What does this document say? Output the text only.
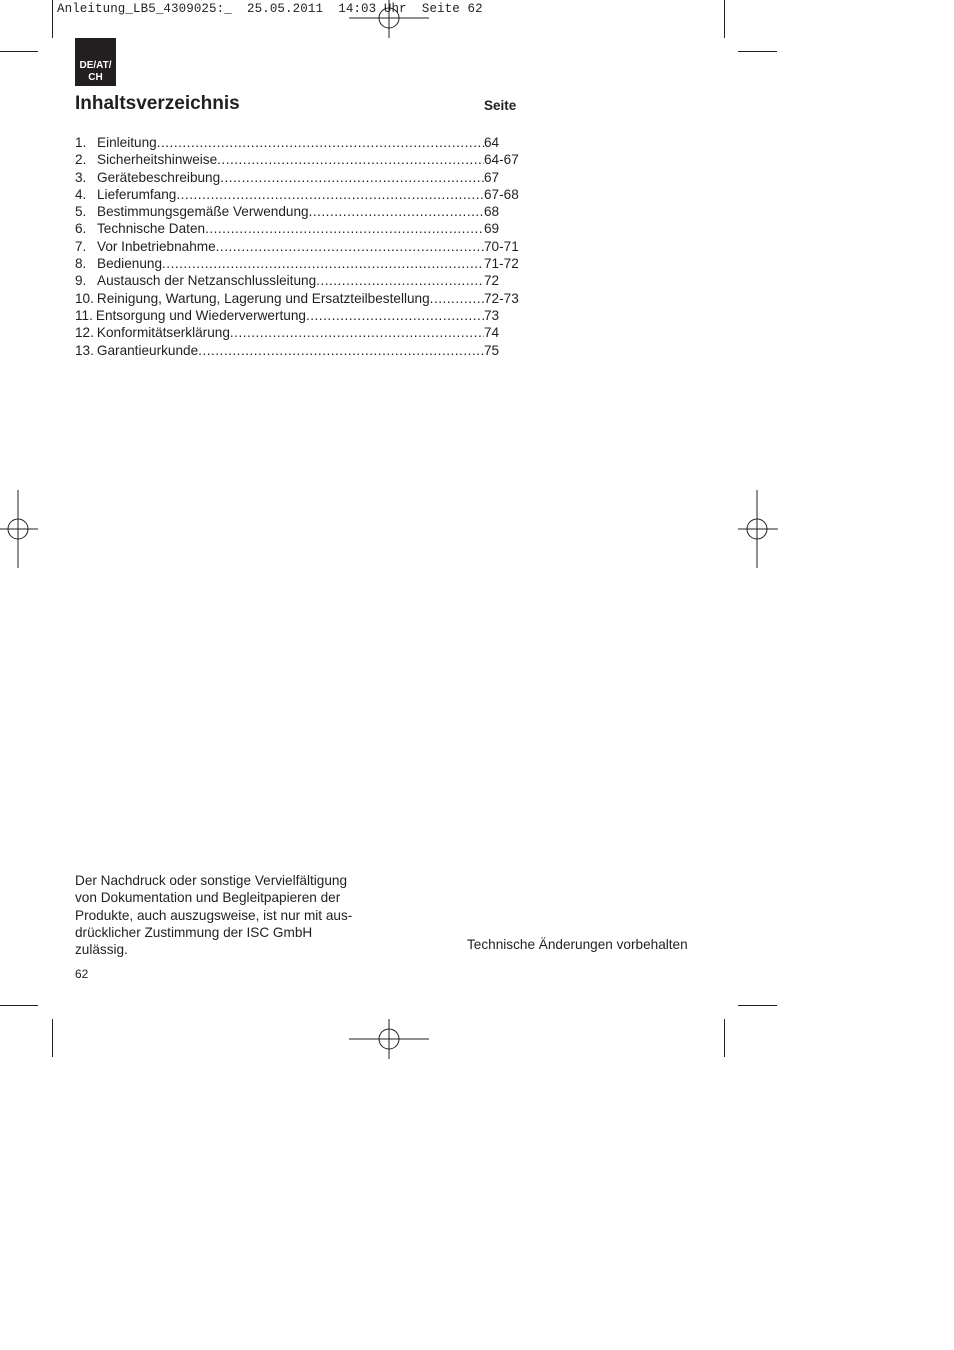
Anleitung_LB5_4309025:_  25.05.2011  14:03 Uhr  Seite 62
DE/AT/
CH
Inhaltsverzeichnis	Seite
1. Einleitung .....	64
2. Sicherheitshinweise .....	64-67
3. Gerätebeschreibung .....	67
4. Lieferumfang .....	67-68
5. Bestimmungsgemäße Verwendung .....	68
6. Technische Daten .....	69
7. Vor Inbetriebnahme .....	70-71
8. Bedienung .....	71-72
9. Austausch der Netzanschlussleitung .....	72
10. Reinigung, Wartung, Lagerung und Ersatzteilbestellung .....	72-73
11. Entsorgung und Wiederverwertung .....	73
12. Konformitätserklärung .....	74
13. Garantieurkunde .....	75
Der Nachdruck oder sonstige Vervielfältigung
von Dokumentation und Begleitpapieren der
Produkte, auch auszugsweise, ist nur mit aus-
drücklicher Zustimmung der ISC GmbH
zulässig.	Technische Änderungen vorbehalten
62
